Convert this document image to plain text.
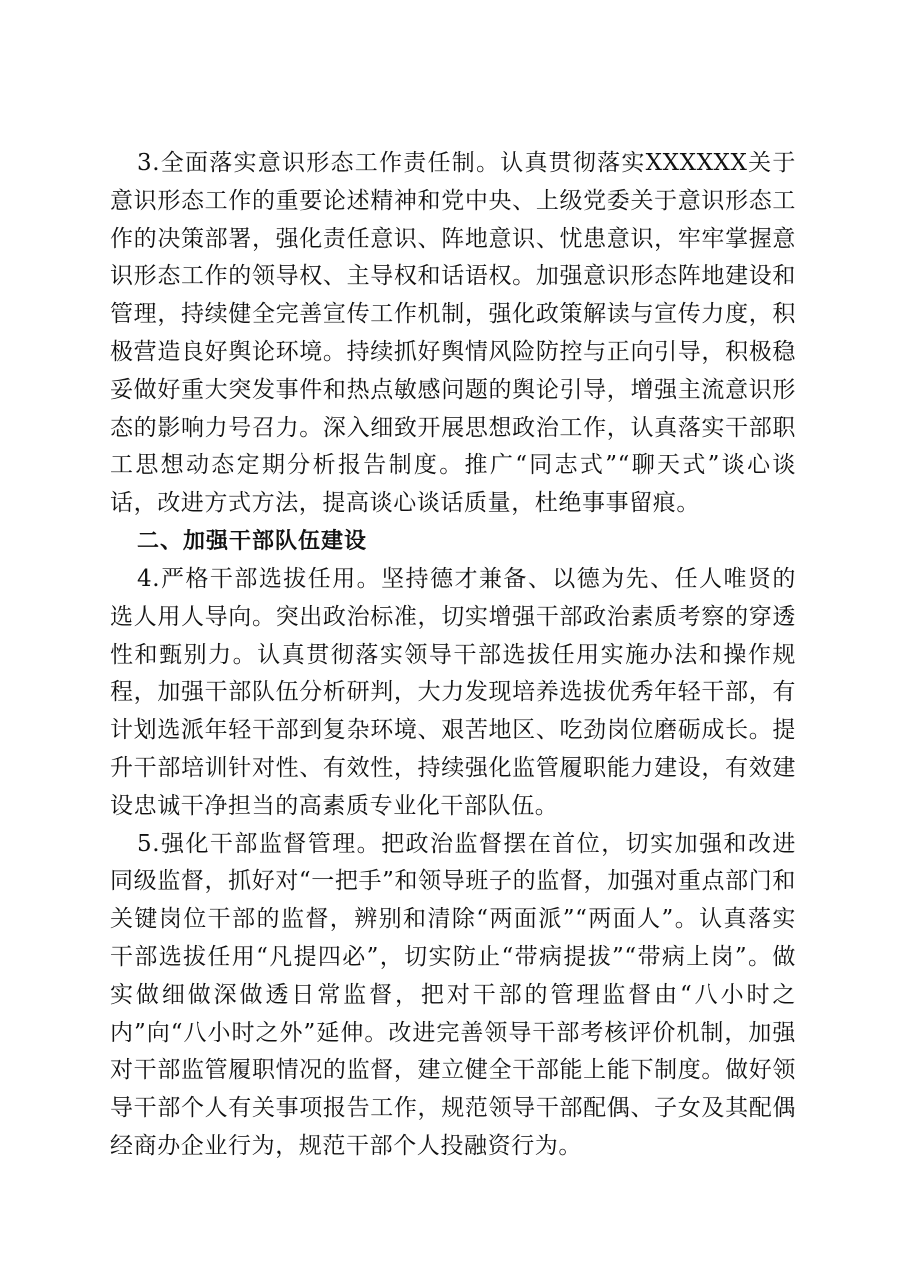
3.全面落实意识形态工作责任制。认真贯彻落实XXXXXX关于意识形态工作的重要论述精神和党中央、上级党委关于意识形态工作的决策部署，强化责任意识、阵地意识、忧患意识，牢牢掌握意识形态工作的领导权、主导权和话语权。加强意识形态阵地建设和管理，持续健全完善宣传工作机制，强化政策解读与宣传力度，积极营造良好舆论环境。持续抓好舆情风险防控与正向引导，积极稳妥做好重大突发事件和热点敏感问题的舆论引导，增强主流意识形态的影响力号召力。深入细致开展思想政治工作，认真落实干部职工思想动态定期分析报告制度。推广“同志式”“聊天式”谈心谈话，改进方式方法，提高谈心谈话质量，杜绝事事留痕。

二、加强干部队伍建设

4.严格干部选拔任用。坚持德才兼备、以德为先、任人唯贤的选人用人导向。突出政治标准，切实增强干部政治素质考察的穿透性和甄别力。认真贯彻落实领导干部选拔任用实施办法和操作规程，加强干部队伍分析研判，大力发现培养选拔优秀年轻干部，有计划选派年轻干部到复杂环境、艰苦地区、吃劲岗位磨砺成长。提升干部培训针对性、有效性，持续强化监管履职能力建设，有效建设忠诚干净担当的高素质专业化干部队伍。

5.强化干部监督管理。把政治监督摆在首位，切实加强和改进同级监督，抓好对“一把手”和领导班子的监督，加强对重点部门和关键岗位干部的监督，辨别和清除“两面派”“两面人”。认真落实干部选拔任用“凡提四必”，切实防止“带病提拔”“带病上岗”。做实做细做深做透日常监督，把对干部的管理监督由“八小时之内”向“八小时之外”延伸。改进完善领导干部考核评价机制，加强对干部监管履职情况的监督，建立健全干部能上能下制度。做好领导干部个人有关事项报告工作，规范领导干部配偶、子女及其配偶经商办企业行为，规范干部个人投融资行为。
